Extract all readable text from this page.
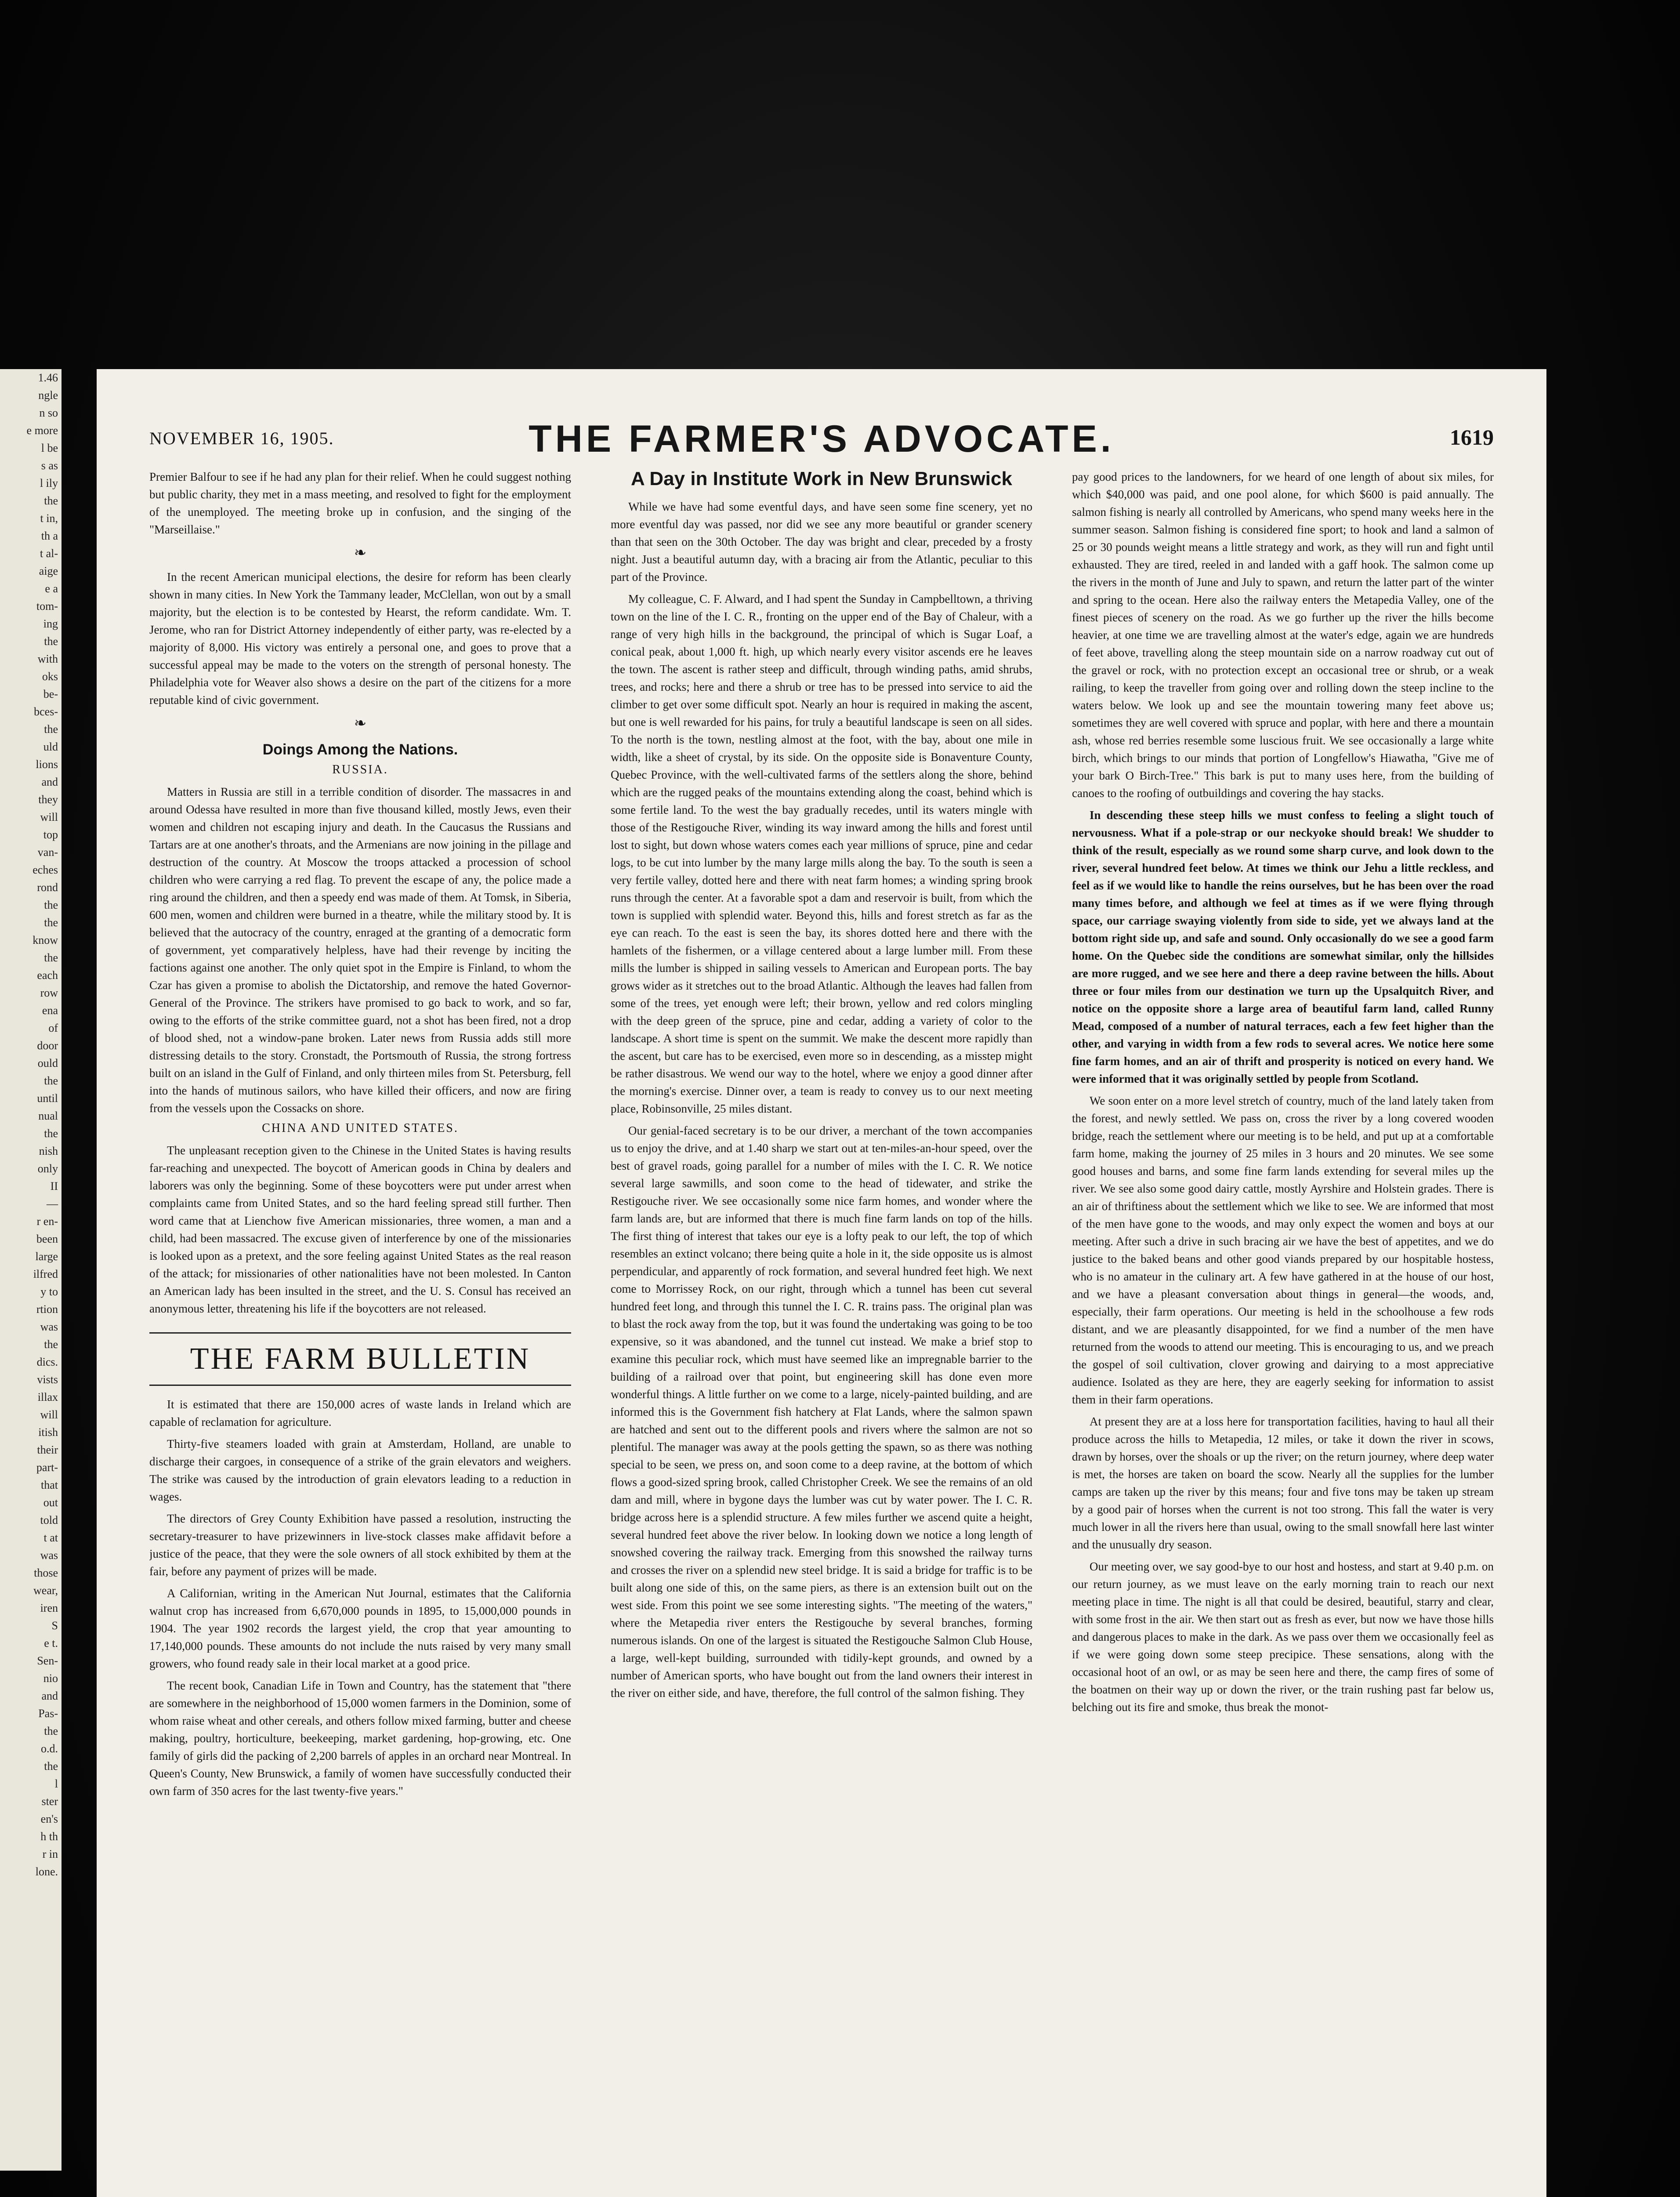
1.46
ngle
n so
e more
l be
s as
l ily
the
t in,
th a
t al-
aige
e a
tom-
ing
the
with
oks
be-
bces-
the
uld
lions
and
they
will
top
van-
eches
rond
the
the
know
the
each
row
ena
of
door
ould
the
until
nual
the
nish
only
II
—
r en-
been
large
ilfred
y to
rtion
was
the
dics.
vists
illax
will
itish
their
part-
that
out
told
t at
was
those
wear,
iren
S
e t.
Sen-
nio
and
Pas-
the
o.d.
the
l
ster
en's
h th
r in
lone.
NOVEMBER 16, 1905.	THE FARMER'S ADVOCATE.	1619

Premier Balfour to see if he had any plan for their relief. When he could suggest nothing but public charity, they met in a mass meeting, and resolved to fight for the employment of the unemployed. The meeting broke up in confusion, and the singing of the "Marseillaise."

❧

In the recent American municipal elections, the desire for reform has been clearly shown in many cities. In New York the Tammany leader, McClellan, won out by a small majority, but the election is to be contested by Hearst, the reform candidate. Wm. T. Jerome, who ran for District Attorney independently of either party, was re-elected by a majority of 8,000. His victory was entirely a personal one, and goes to prove that a successful appeal may be made to the voters on the strength of personal honesty. The Philadelphia vote for Weaver also shows a desire on the part of the citizens for a more reputable kind of civic government.

❧
Doings Among the Nations.
RUSSIA.

Matters in Russia are still in a terrible condition of disorder. The massacres in and around Odessa have resulted in more than five thousand killed, mostly Jews, even their women and children not escaping injury and death. In the Caucasus the Russians and Tartars are at one another's throats, and the Armenians are now joining in the pillage and destruction of the country. At Moscow the troops attacked a procession of school children who were carrying a red flag. To prevent the escape of any, the police made a ring around the children, and then a speedy end was made of them. At Tomsk, in Siberia, 600 men, women and children were burned in a theatre, while the military stood by. It is believed that the autocracy of the country, enraged at the granting of a democratic form of government, yet comparatively helpless, have had their revenge by inciting the factions against one another. The only quiet spot in the Empire is Finland, to whom the Czar has given a promise to abolish the Dictatorship, and remove the hated Governor-General of the Province. The strikers have promised to go back to work, and so far, owing to the efforts of the strike committee guard, not a shot has been fired, not a drop of blood shed, not a window-pane broken. Later news from Russia adds still more distressing details to the story. Cronstadt, the Portsmouth of Russia, the strong fortress built on an island in the Gulf of Finland, and only thirteen miles from St. Petersburg, fell into the hands of mutinous sailors, who have killed their officers, and now are firing from the vessels upon the Cossacks on shore.

CHINA AND UNITED STATES.

The unpleasant reception given to the Chinese in the United States is having results far-reaching and unexpected. The boycott of American goods in China by dealers and laborers was only the beginning. Some of these boycotters were put under arrest when complaints came from United States, and so the hard feeling spread still further. Then word came that at Lienchow five American missionaries, three women, a man and a child, had been massacred. The excuse given of interference by one of the missionaries is looked upon as a pretext, and the sore feeling against United States as the real reason of the attack; for missionaries of other nationalities have not been molested. In Canton an American lady has been insulted in the street, and the U. S. Consul has received an anonymous letter, threatening his life if the boycotters are not released.

THE FARM BULLETIN

It is estimated that there are 150,000 acres of waste lands in Ireland which are capable of reclamation for agriculture.

Thirty-five steamers loaded with grain at Amsterdam, Holland, are unable to discharge their cargoes, in consequence of a strike of the grain elevators and weighers. The strike was caused by the introduction of grain elevators leading to a reduction in wages.

The directors of Grey County Exhibition have passed a resolution, instructing the secretary-treasurer to have prizewinners in live-stock classes make affidavit before a justice of the peace, that they were the sole owners of all stock exhibited by them at the fair, before any payment of prizes will be made.

A Californian, writing in the American Nut Journal, estimates that the California walnut crop has increased from 6,670,000 pounds in 1895, to 15,000,000 pounds in 1904. The year 1902 records the largest yield, the crop that year amounting to 17,140,000 pounds. These amounts do not include the nuts raised by very many small growers, who found ready sale in their local market at a good price.

The recent book, Canadian Life in Town and Country, has the statement that "there are somewhere in the neighborhood of 15,000 women farmers in the Dominion, some of whom raise wheat and other cereals, and others follow mixed farming, butter and cheese making, poultry, horticulture, beekeeping, market gardening, hop-growing, etc. One family of girls did the packing of 2,200 barrels of apples in an orchard near Montreal. In Queen's County, New Brunswick, a family of women have successfully conducted their own farm of 350 acres for the last twenty-five years."

A Day in Institute Work in New Brunswick

While we have had some eventful days, and have seen some fine scenery, yet no more eventful day was passed, nor did we see any more beautiful or grander scenery than that seen on the 30th October. The day was bright and clear, preceded by a frosty night. Just a beautiful autumn day, with a bracing air from the Atlantic, peculiar to this part of the Province.

My colleague, C. F. Alward, and I had spent the Sunday in Campbelltown, a thriving town on the line of the I. C. R., fronting on the upper end of the Bay of Chaleur, with a range of very high hills in the background, the principal of which is Sugar Loaf, a conical peak, about 1,000 ft. high, up which nearly every visitor ascends ere he leaves the town. The ascent is rather steep and difficult, through winding paths, amid shrubs, trees, and rocks; here and there a shrub or tree has to be pressed into service to aid the climber to get over some difficult spot. Nearly an hour is required in making the ascent, but one is well rewarded for his pains, for truly a beautiful landscape is seen on all sides. To the north is the town, nestling almost at the foot, with the bay, about one mile in width, like a sheet of crystal, by its side. On the opposite side is Bonaventure County, Quebec Province, with the well-cultivated farms of the settlers along the shore, behind which are the rugged peaks of the mountains extending along the coast, behind which is some fertile land. To the west the bay gradually recedes, until its waters mingle with those of the Restigouche River, winding its way inward among the hills and forest until lost to sight, but down whose waters comes each year millions of spruce, pine and cedar logs, to be cut into lumber by the many large mills along the bay. To the south is seen a very fertile valley, dotted here and there with neat farm homes; a winding spring brook runs through the center. At a favorable spot a dam and reservoir is built, from which the town is supplied with splendid water. Beyond this, hills and forest stretch as far as the eye can reach. To the east is seen the bay, its shores dotted here and there with the hamlets of the fishermen, or a village centered about a large lumber mill. From these mills the lumber is shipped in sailing vessels to American and European ports. The bay grows wider as it stretches out to the broad Atlantic. Although the leaves had fallen from some of the trees, yet enough were left; their brown, yellow and red colors mingling with the deep green of the spruce, pine and cedar, adding a variety of color to the landscape. A short time is spent on the summit. We make the descent more rapidly than the ascent, but care has to be exercised, even more so in descending, as a misstep might be rather disastrous. We wend our way to the hotel, where we enjoy a good dinner after the morning's exercise. Dinner over, a team is ready to convey us to our next meeting place, Robinsonville, 25 miles distant.

Our genial-faced secretary is to be our driver, a merchant of the town accompanies us to enjoy the drive, and at 1.40 sharp we start out at ten-miles-an-hour speed, over the best of gravel roads, going parallel for a number of miles with the I. C. R. We notice several large sawmills, and soon come to the head of tidewater, and strike the Restigouche river. We see occasionally some nice farm homes, and wonder where the farm lands are, but are informed that there is much fine farm lands on top of the hills. The first thing of interest that takes our eye is a lofty peak to our left, the top of which resembles an extinct volcano; there being quite a hole in it, the side opposite us is almost perpendicular, and apparently of rock formation, and several hundred feet high. We next come to Morrissey Rock, on our right, through which a tunnel has been cut several hundred feet long, and through this tunnel the I. C. R. trains pass. The original plan was to blast the rock away from the top, but it was found the undertaking was going to be too expensive, so it was abandoned, and the tunnel cut instead. We make a brief stop to examine this peculiar rock, which must have seemed like an impregnable barrier to the building of a railroad over that point, but engineering skill has done even more wonderful things. A little further on we come to a large, nicely-painted building, and are informed this is the Government fish hatchery at Flat Lands, where the salmon spawn are hatched and sent out to the different pools and rivers where the salmon are not so plentiful. The manager was away at the pools getting the spawn, so as there was nothing special to be seen, we press on, and soon come to a deep ravine, at the bottom of which flows a good-sized spring brook, called Christopher Creek. We see the remains of an old dam and mill, where in bygone days the lumber was cut by water power. The I. C. R. bridge across here is a splendid structure. A few miles further we ascend quite a height, several hundred feet above the river below. In looking down we notice a long length of snowshed covering the railway track. Emerging from this snowshed the railway turns and crosses the river on a splendid new steel bridge. It is said a bridge for traffic is to be built along one side of this, on the same piers, as there is an extension built out on the west side. From this point we see some interesting sights. "The meeting of the waters," where the Metapedia river enters the Restigouche by several branches, forming numerous islands. On one of the largest is situated the Restigouche Salmon Club House, a large, well-kept building, surrounded with tidily-kept grounds, and owned by a number of American sports, who have bought out from the land owners their interest in the river on either side, and have, therefore, the full control of the salmon fishing. They

pay good prices to the landowners, for we heard of one length of about six miles, for which $40,000 was paid, and one pool alone, for which $600 is paid annually. The salmon fishing is nearly all controlled by Americans, who spend many weeks here in the summer season. Salmon fishing is considered fine sport; to hook and land a salmon of 25 or 30 pounds weight means a little strategy and work, as they will run and fight until exhausted. They are tired, reeled in and landed with a gaff hook. The salmon come up the rivers in the month of June and July to spawn, and return the latter part of the winter and spring to the ocean. Here also the railway enters the Metapedia Valley, one of the finest pieces of scenery on the road. As we go further up the river the hills become heavier, at one time we are travelling almost at the water's edge, again we are hundreds of feet above, travelling along the steep mountain side on a narrow roadway cut out of the gravel or rock, with no protection except an occasional tree or shrub, or a weak railing, to keep the traveller from going over and rolling down the steep incline to the waters below. We look up and see the mountain towering many feet above us; sometimes they are well covered with spruce and poplar, with here and there a mountain ash, whose red berries resemble some luscious fruit. We see occasionally a large white birch, which brings to our minds that portion of Longfellow's Hiawatha, "Give me of your bark O Birch-Tree." This bark is put to many uses here, from the building of canoes to the roofing of outbuildings and covering the hay stacks.

In descending these steep hills we must confess to feeling a slight touch of nervousness. What if a pole-strap or our neckyoke should break! We shudder to think of the result, especially as we round some sharp curve, and look down to the river, several hundred feet below. At times we think our Jehu a little reckless, and feel as if we would like to handle the reins ourselves, but he has been over the road many times before, and although we feel at times as if we were flying through space, our carriage swaying violently from side to side, yet we always land at the bottom right side up, and safe and sound. Only occasionally do we see a good farm home. On the Quebec side the conditions are somewhat similar, only the hillsides are more rugged, and we see here and there a deep ravine between the hills. About three or four miles from our destination we turn up the Upsalquitch River, and notice on the opposite shore a large area of beautiful farm land, called Runny Mead, composed of a number of natural terraces, each a few feet higher than the other, and varying in width from a few rods to several acres. We notice here some fine farm homes, and an air of thrift and prosperity is noticed on every hand. We were informed that it was originally settled by people from Scotland.

We soon enter on a more level stretch of country, much of the land lately taken from the forest, and newly settled. We pass on, cross the river by a long covered wooden bridge, reach the settlement where our meeting is to be held, and put up at a comfortable farm home, making the journey of 25 miles in 3 hours and 20 minutes. We see some good houses and barns, and some fine farm lands extending for several miles up the river. We see also some good dairy cattle, mostly Ayrshire and Holstein grades. There is an air of thriftiness about the settlement which we like to see. We are informed that most of the men have gone to the woods, and may only expect the women and boys at our meeting. After such a drive in such bracing air we have the best of appetites, and we do justice to the baked beans and other good viands prepared by our hospitable hostess, who is no amateur in the culinary art. A few have gathered in at the house of our host, and we have a pleasant conversation about things in general—the woods, and, especially, their farm operations. Our meeting is held in the schoolhouse a few rods distant, and we are pleasantly disappointed, for we find a number of the men have returned from the woods to attend our meeting. This is encouraging to us, and we preach the gospel of soil cultivation, clover growing and dairying to a most appreciative audience. Isolated as they are here, they are eagerly seeking for information to assist them in their farm operations.

At present they are at a loss here for transportation facilities, having to haul all their produce across the hills to Metapedia, 12 miles, or take it down the river in scows, drawn by horses, over the shoals or up the river; on the return journey, where deep water is met, the horses are taken on board the scow. Nearly all the supplies for the lumber camps are taken up the river by this means; four and five tons may be taken up stream by a good pair of horses when the current is not too strong. This fall the water is very much lower in all the rivers here than usual, owing to the small snowfall here last winter and the unusually dry season.

Our meeting over, we say good-bye to our host and hostess, and start at 9.40 p.m. on our return journey, as we must leave on the early morning train to reach our next meeting place in time. The night is all that could be desired, beautiful, starry and clear, with some frost in the air. We then start out as fresh as ever, but now we have those hills and dangerous places to make in the dark. As we pass over them we occasionally feel as if we were going down some steep precipice. These sensations, along with the occasional hoot of an owl, or as may be seen here and there, the camp fires of some of the boatmen on their way up or down the river, or the train rushing past far below us, belching out its fire and smoke, thus break the monot-
